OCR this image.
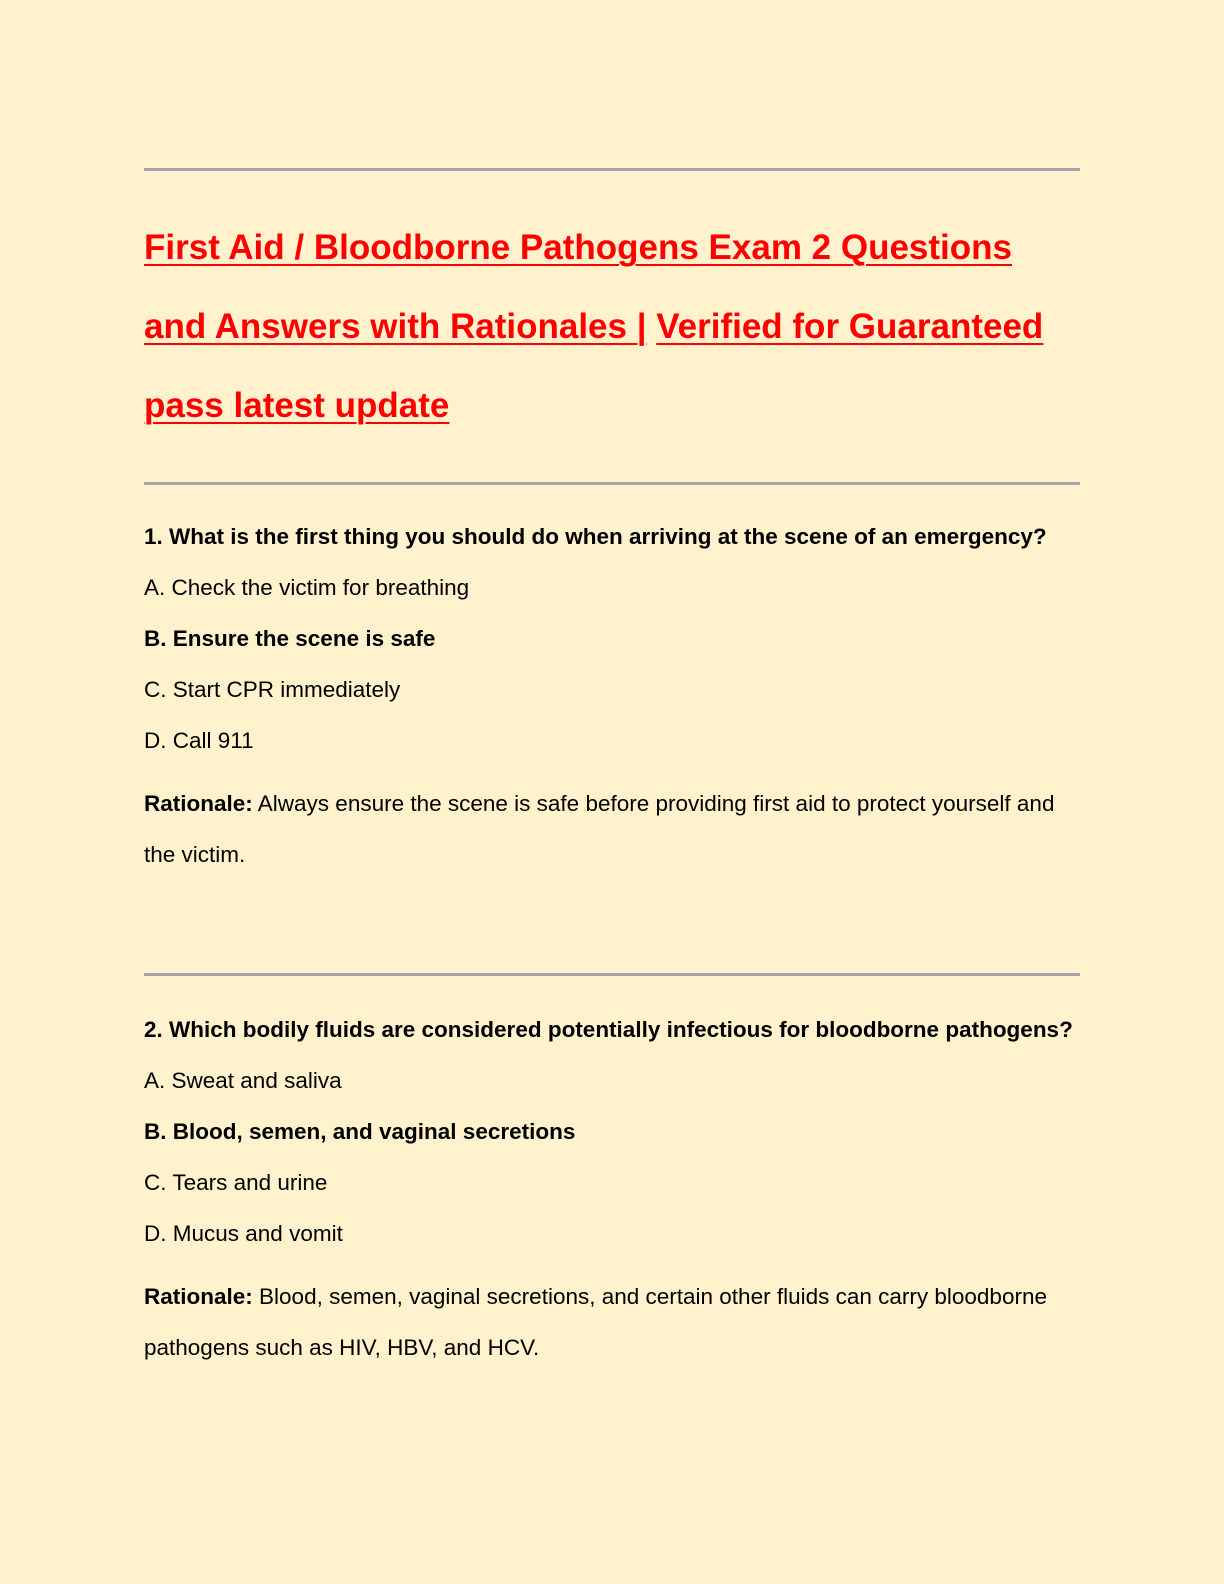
First Aid / Bloodborne Pathogens Exam 2 Questions and Answers with Rationales | Verified for Guaranteed pass latest update

1. What is the first thing you should do when arriving at the scene of an emergency?

A. Check the victim for breathing

B. Ensure the scene is safe

C. Start CPR immediately

D. Call 911

Rationale: Always ensure the scene is safe before providing first aid to protect yourself and the victim.

2. Which bodily fluids are considered potentially infectious for bloodborne pathogens?

A. Sweat and saliva

B. Blood, semen, and vaginal secretions

C. Tears and urine

D. Mucus and vomit

Rationale: Blood, semen, vaginal secretions, and certain other fluids can carry bloodborne pathogens such as HIV, HBV, and HCV.
